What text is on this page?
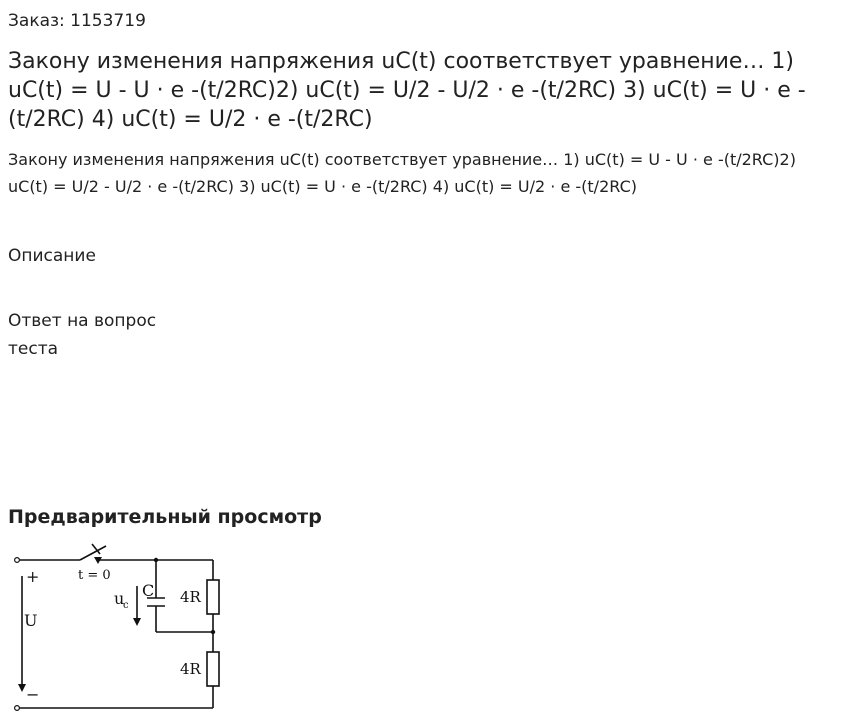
Заказ: 1153719
Закону изменения напряжения uC(t) соответствует уравнение… 1) uC(t) = U - U · e -(t/2RC)2) uC(t) = U/2 - U/2 · e -(t/2RC) 3) uC(t) = U · e -(t/2RC) 4) uC(t) = U/2 · e -(t/2RC)
Закону изменения напряжения uC(t) соответствует уравнение… 1) uC(t) = U - U · e -(t/2RC)2) uC(t) = U/2 - U/2 · e -(t/2RC) 3) uC(t) = U · e -(t/2RC) 4) uC(t) = U/2 · e -(t/2RC)
Описание
Ответ на вопрос теста
Предварительный просмотр
+
−
t = 0
U
C
u
c	4R
4R
